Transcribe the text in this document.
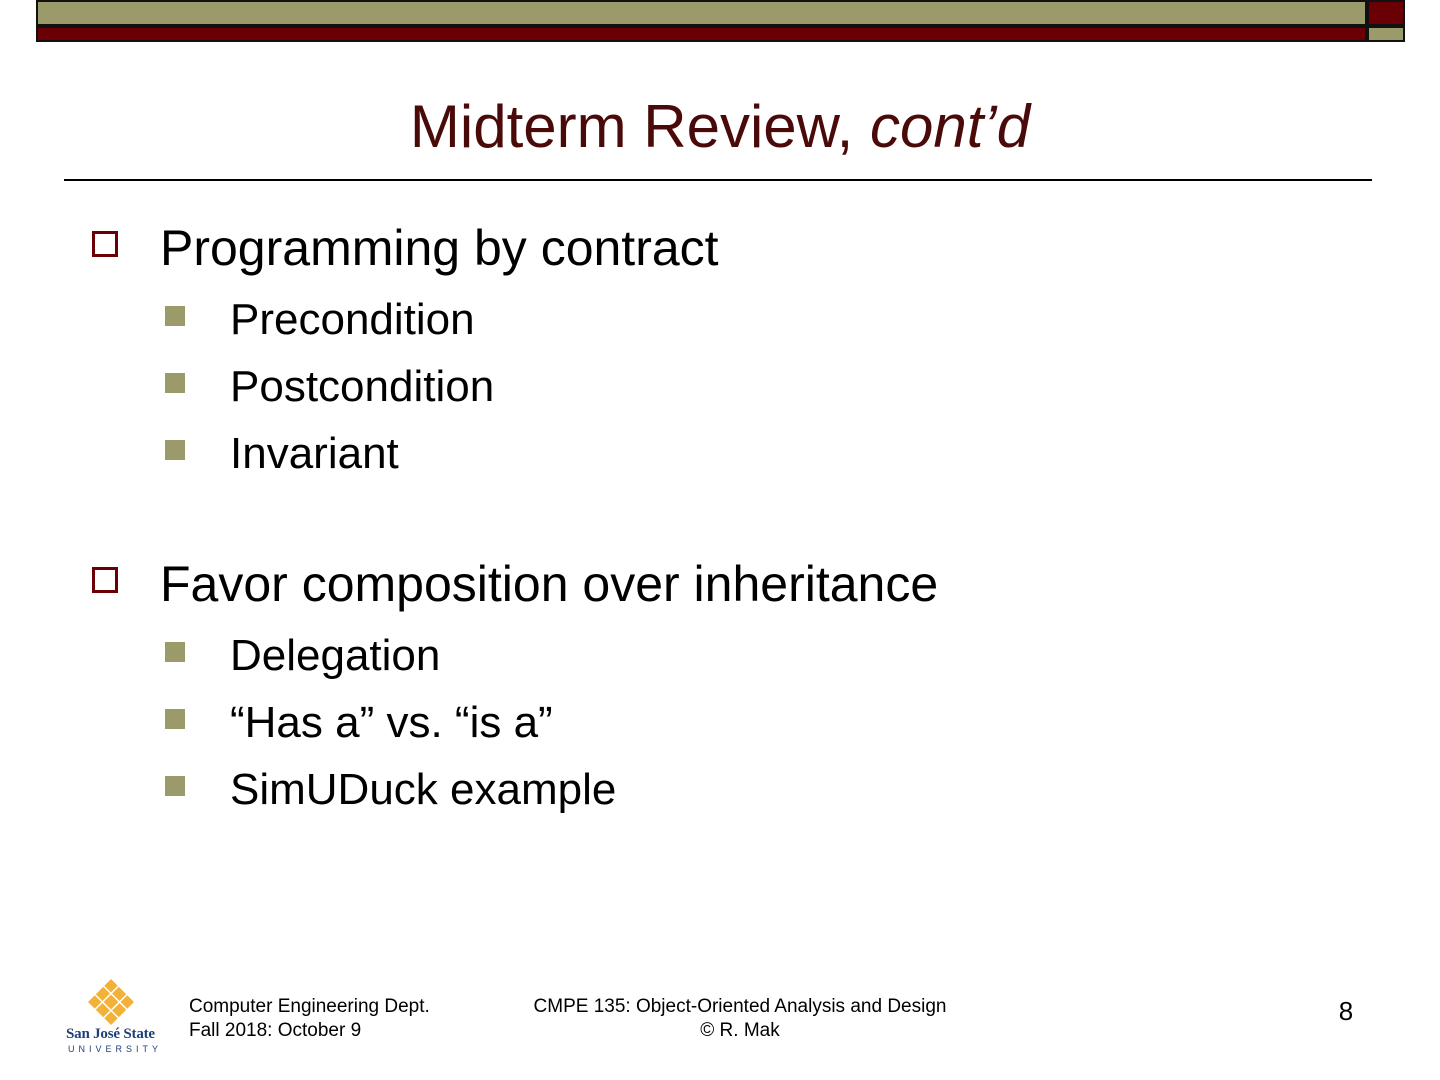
Midterm Review, cont’d
Programming by contract
Precondition
Postcondition
Invariant
Favor composition over inheritance
Delegation
“Has a” vs. “is a”
SimUDuck example
San José State
UNIVERSITY
Computer Engineering Dept.
Fall 2018: October 9
CMPE 135: Object-Oriented Analysis and Design
© R. Mak
8
